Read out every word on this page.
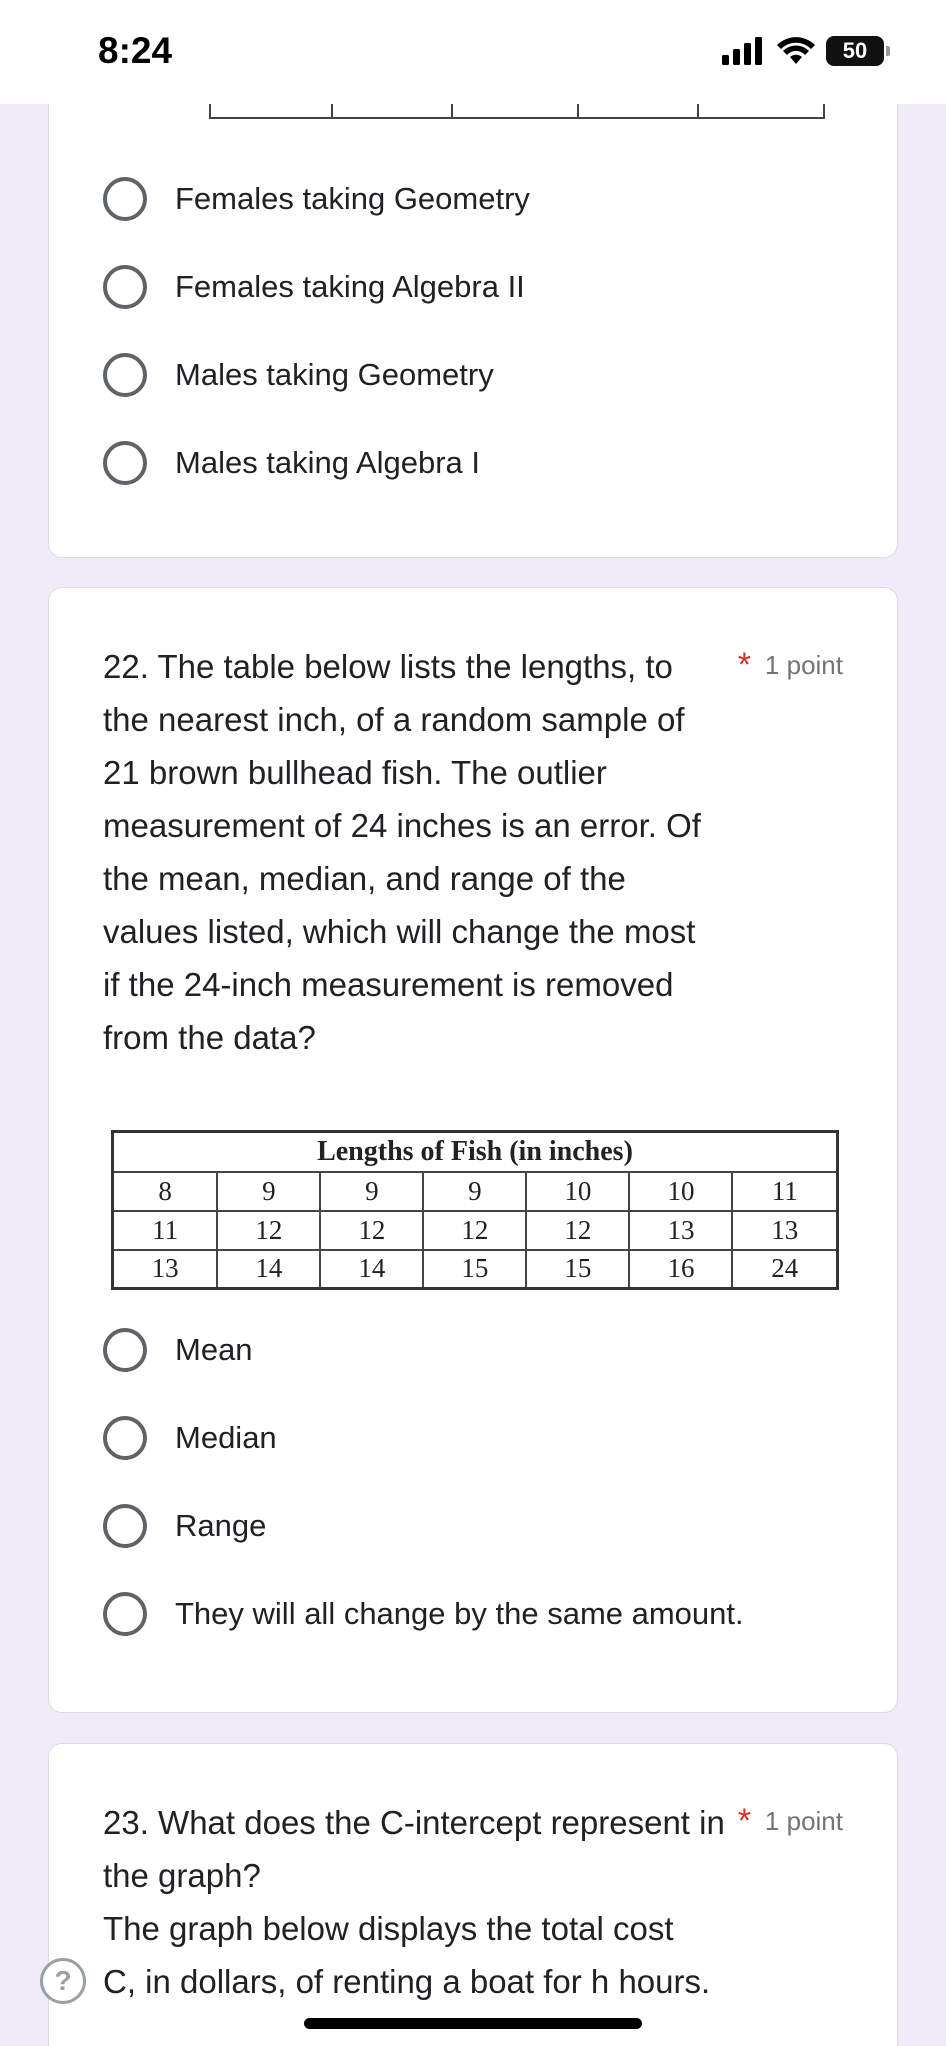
8:24	50
Females taking Geometry
Females taking Algebra II
Males taking Geometry
Males taking Algebra I
22. The table below lists the lengths, to the nearest inch, of a random sample of 21 brown bullhead fish. The outlier measurement of 24 inches is an error. Of the mean, median, and range of the values listed, which will change the most if the 24-inch measurement is removed from the data?
* 1 point
Lengths of Fish (in inches)						
8	9	9	9	10	10	11
11	12	12	12	12	13	13
13	14	14	15	15	16	24
Mean
Median
Range
They will all change by the same amount.
23. What does the C-intercept represent in the graph?
* 1 point
The graph below displays the total cost C, in dollars, of renting a boat for h hours.
?
